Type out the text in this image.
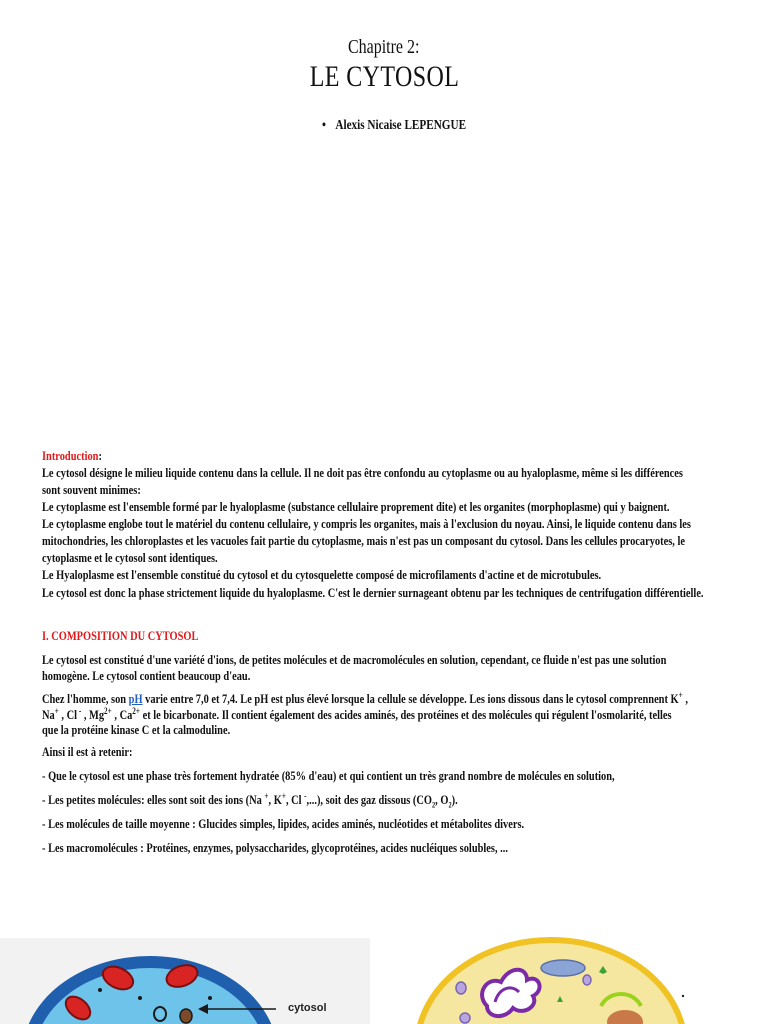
Chapitre 2:
LE CYTOSOL
• Alexis Nicaise LEPENGUE
Introduction:
Le cytosol désigne le milieu liquide contenu dans la cellule. Il ne doit pas être confondu au cytoplasme ou au hyaloplasme, même si les différences
sont souvent minimes:
Le cytoplasme est l'ensemble formé par le hyaloplasme (substance cellulaire proprement dite) et les organites (morphoplasme) qui y baignent.
Le cytoplasme englobe tout le matériel du contenu cellulaire, y compris les organites, mais à l'exclusion du noyau. Ainsi, le liquide contenu dans les
mitochondries, les chloroplastes et les vacuoles fait partie du cytoplasme, mais n'est pas un composant du cytosol. Dans les cellules procaryotes, le
cytoplasme et le cytosol sont identiques.
Le Hyaloplasme est l'ensemble constitué du cytosol et du cytosquelette composé de microfilaments d'actine et de microtubules.
Le cytosol est donc la phase strictement liquide du hyaloplasme. C'est le dernier surnageant obtenu par les techniques de centrifugation différentielle.
I. COMPOSITION DU CYTOSOL
Le cytosol est constitué d'une variété d'ions, de petites molécules et de macromolécules en solution, cependant, ce fluide n'est pas une solution
homogène. Le cytosol contient beaucoup d'eau.
Chez l'homme, son pH varie entre 7,0 et 7,4. Le pH est plus élevé lorsque la cellule se développe. Les ions dissous dans le cytosol comprennent K+ ,
Na+ , Cl - , $Mg^{2+}$ , $Ca^{2+}$ et le bicarbonate. Il contient également des acides aminés, des protéines et des molécules qui régulent l'osmolarité, telles
que la protéine kinase C et la calmoduline.
Ainsi il est à retenir:
- Que le cytosol est une phase très fortement hydratée (85% d'eau) et qui contient un très grand nombre de molécules en solution,
- Les petites molécules: elles sont soit des ions (Na +, K+, Cl -,...), soit des gaz dissous ($CO_2$, $O_2$).
- Les molécules de taille moyenne : Glucides simples, lipides, acides aminés, nucléotides et métabolites divers.
- Les macromolécules : Protéines, enzymes, polysaccharides, glycoprotéines, acides nucléiques solubles, ...
cytosol
